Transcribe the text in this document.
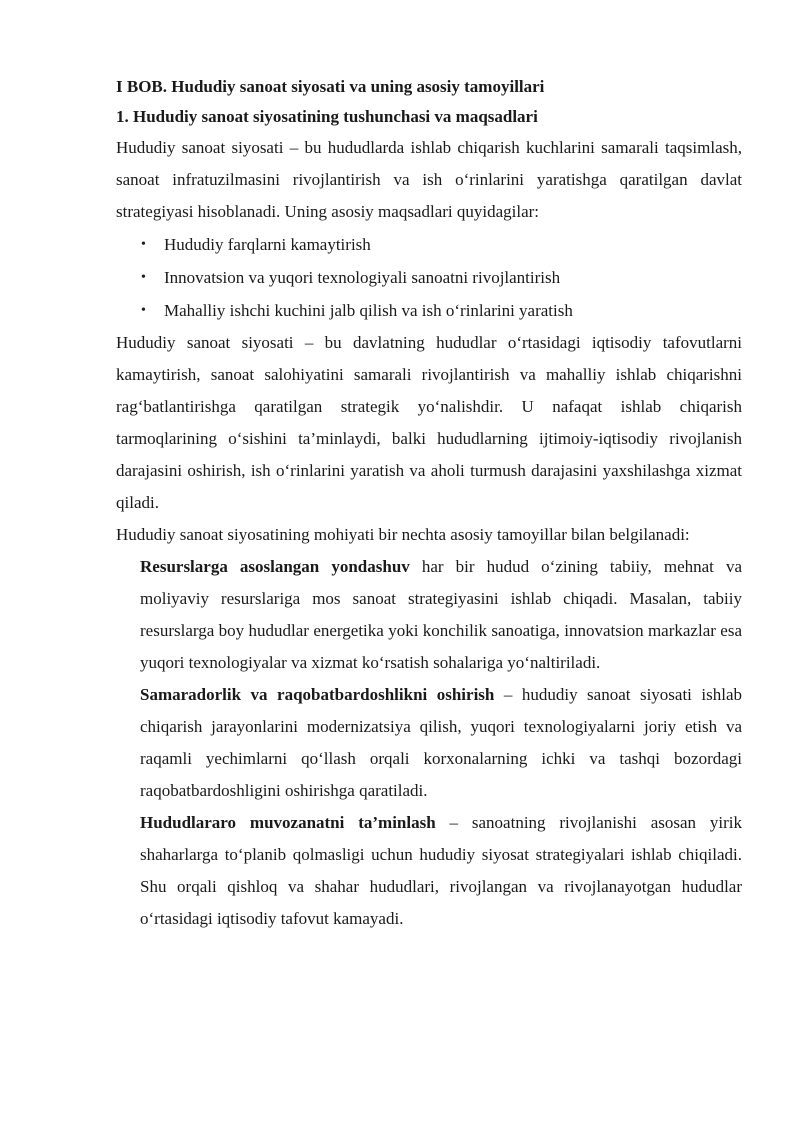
I BOB. Hududiy sanoat siyosati va uning asosiy tamoyillari
1. Hududiy sanoat siyosatining tushunchasi va maqsadlari

Hududiy sanoat siyosati – bu hududlarda ishlab chiqarish kuchlarini samarali taqsimlash, sanoat infratuzilmasini rivojlantirish va ish o‘rinlarini yaratishga qaratilgan davlat strategiyasi hisoblanadi. Uning asosiy maqsadlari quyidagilar:

• Hududiy farqlarni kamaytirish
• Innovatsion va yuqori texnologiyali sanoatni rivojlantirish
• Mahalliy ishchi kuchini jalb qilish va ish o‘rinlarini yaratish

Hududiy sanoat siyosati – bu davlatning hududlar o‘rtasidagi iqtisodiy tafovutlarni kamaytirish, sanoat salohiyatini samarali rivojlantirish va mahalliy ishlab chiqarishni rag‘batlantirishga qaratilgan strategik yo‘nalishdir. U nafaqat ishlab chiqarish tarmoqlarining o‘sishini ta’minlaydi, balki hududlarning ijtimoiy-iqtisodiy rivojlanish darajasini oshirish, ish o‘rinlarini yaratish va aholi turmush darajasini yaxshilashga xizmat qiladi.

Hududiy sanoat siyosatining mohiyati bir nechta asosiy tamoyillar bilan belgilanadi:

Resurslarga asoslangan yondashuv har bir hudud o‘zining tabiiy, mehnat va moliyaviy resurslariga mos sanoat strategiyasini ishlab chiqadi. Masalan, tabiiy resurslarga boy hududlar energetika yoki konchilik sanoatiga, innovatsion markazlar esa yuqori texnologiyalar va xizmat ko‘rsatish sohalariga yo‘naltiriladi.

Samaradorlik va raqobatbardoshlikni oshirish – hududiy sanoat siyosati ishlab chiqarish jarayonlarini modernizatsiya qilish, yuqori texnologiyalarni joriy etish va raqamli yechimlarni qo‘llash orqali korxonalarning ichki va tashqi bozordagi raqobatbardoshligini oshirishga qaratiladi.

Hududlararo muvozanatni ta’minlash – sanoatning rivojlanishi asosan yirik shaharlarga to‘planib qolmasligi uchun hududiy siyosat strategiyalari ishlab chiqiladi. Shu orqali qishloq va shahar hududlari, rivojlangan va rivojlanayotgan hududlar o‘rtasidagi iqtisodiy tafovut kamayadi.
